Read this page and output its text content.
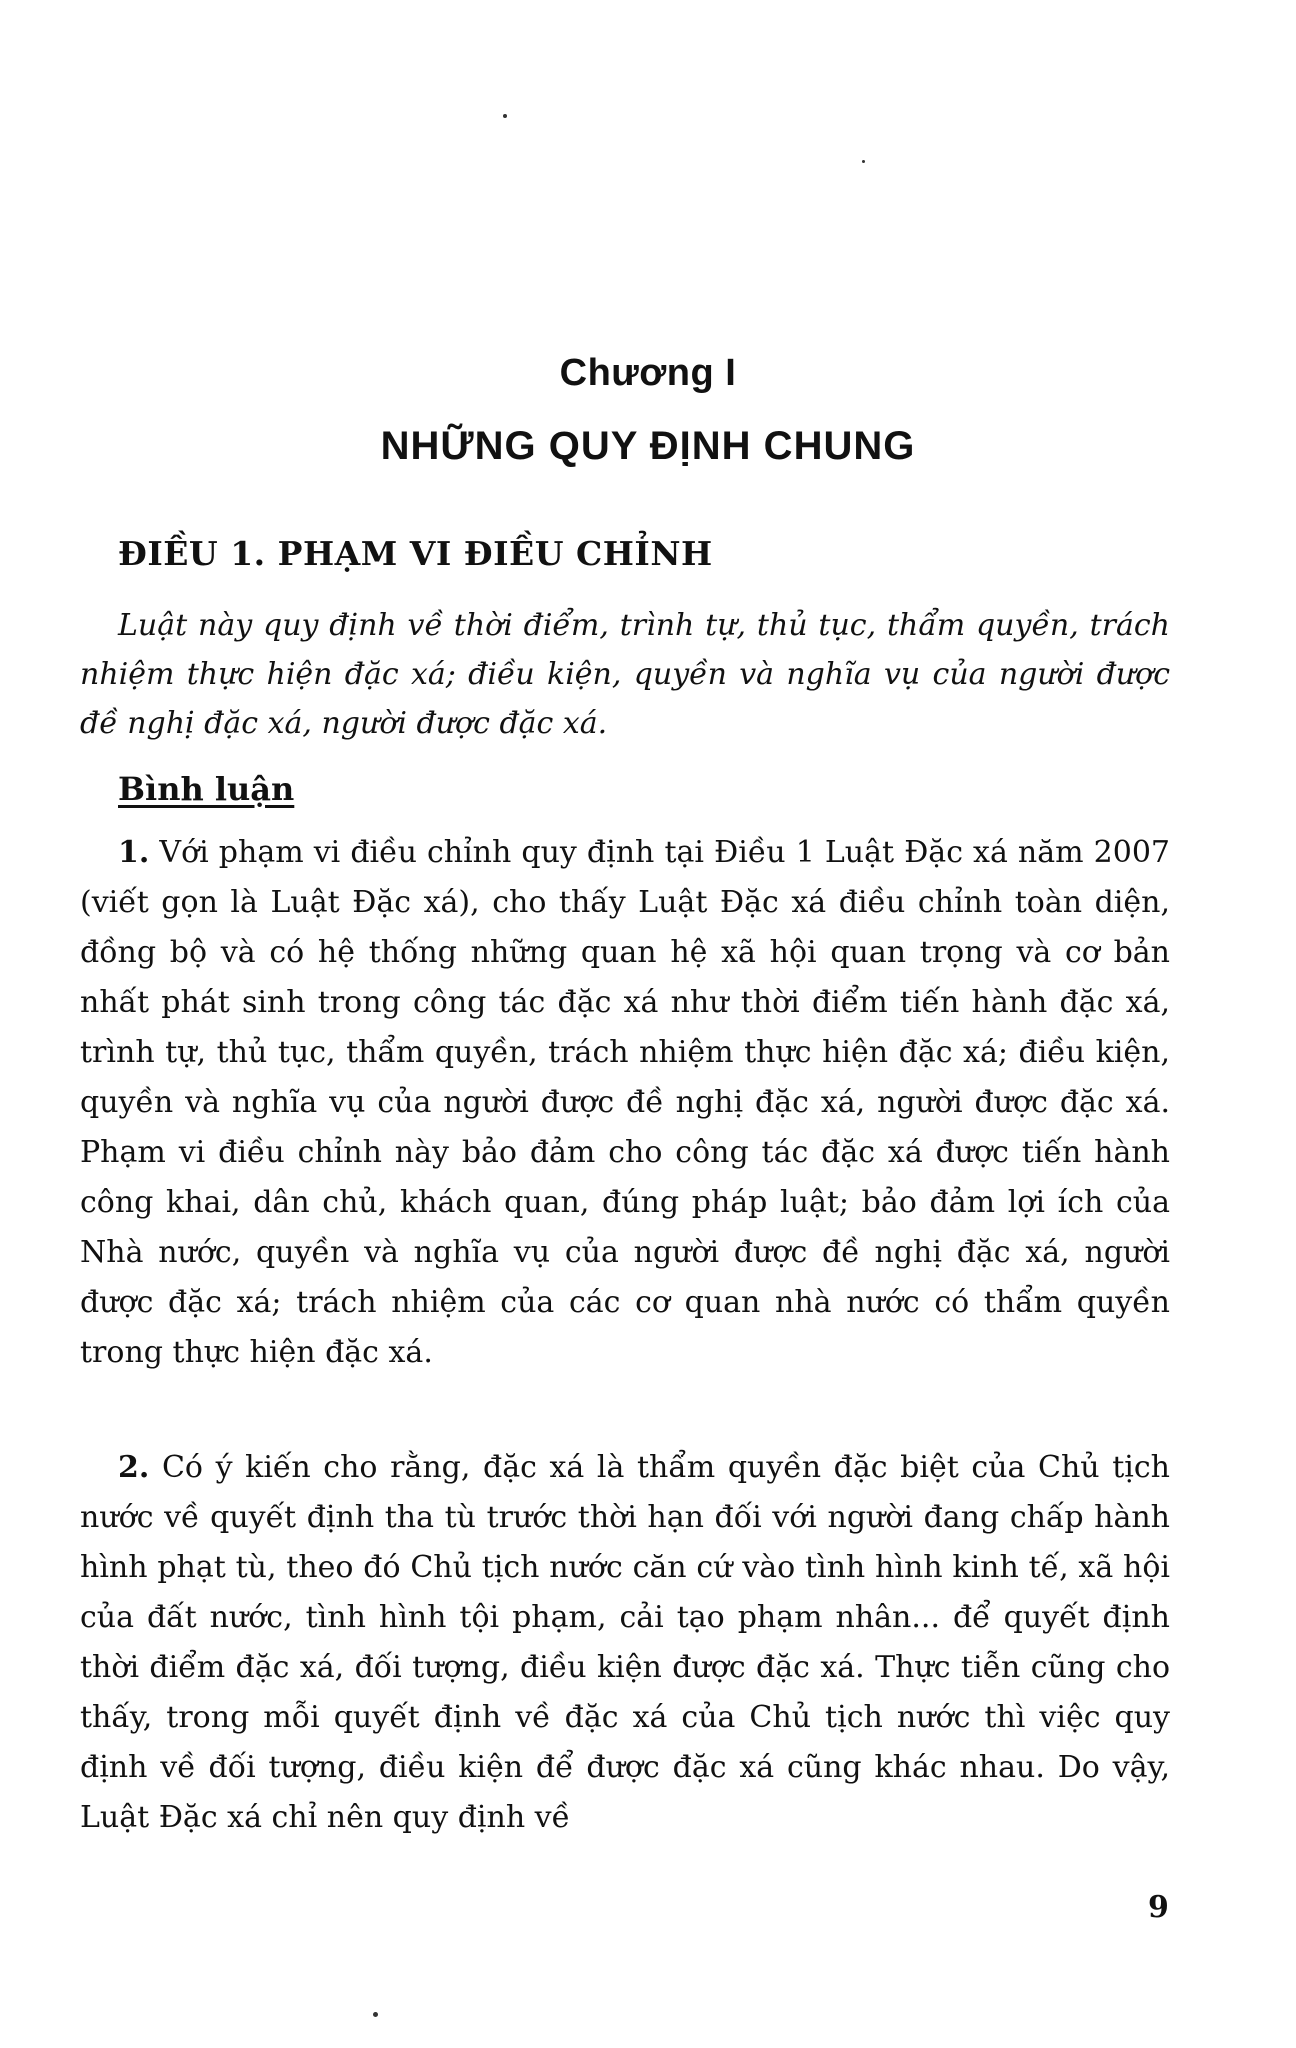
Chương I
NHỮNG QUY ĐỊNH CHUNG
ĐIỀU 1. PHẠM VI ĐIỀU CHỈNH
Luật này quy định về thời điểm, trình tự, thủ tục, thẩm quyền, trách nhiệm thực hiện đặc xá; điều kiện, quyền và nghĩa vụ của người được đề nghị đặc xá, người được đặc xá.
Bình luận
1. Với phạm vi điều chỉnh quy định tại Điều 1 Luật Đặc xá năm 2007 (viết gọn là Luật Đặc xá), cho thấy Luật Đặc xá điều chỉnh toàn diện, đồng bộ và có hệ thống những quan hệ xã hội quan trọng và cơ bản nhất phát sinh trong công tác đặc xá như thời điểm tiến hành đặc xá, trình tự, thủ tục, thẩm quyền, trách nhiệm thực hiện đặc xá; điều kiện, quyền và nghĩa vụ của người được đề nghị đặc xá, người được đặc xá. Phạm vi điều chỉnh này bảo đảm cho công tác đặc xá được tiến hành công khai, dân chủ, khách quan, đúng pháp luật; bảo đảm lợi ích của Nhà nước, quyền và nghĩa vụ của người được đề nghị đặc xá, người được đặc xá; trách nhiệm của các cơ quan nhà nước có thẩm quyền trong thực hiện đặc xá.
2. Có ý kiến cho rằng, đặc xá là thẩm quyền đặc biệt của Chủ tịch nước về quyết định tha tù trước thời hạn đối với người đang chấp hành hình phạt tù, theo đó Chủ tịch nước căn cứ vào tình hình kinh tế, xã hội của đất nước, tình hình tội phạm, cải tạo phạm nhân... để quyết định thời điểm đặc xá, đối tượng, điều kiện được đặc xá. Thực tiễn cũng cho thấy, trong mỗi quyết định về đặc xá của Chủ tịch nước thì việc quy định về đối tượng, điều kiện để được đặc xá cũng khác nhau. Do vậy, Luật Đặc xá chỉ nên quy định về
9
